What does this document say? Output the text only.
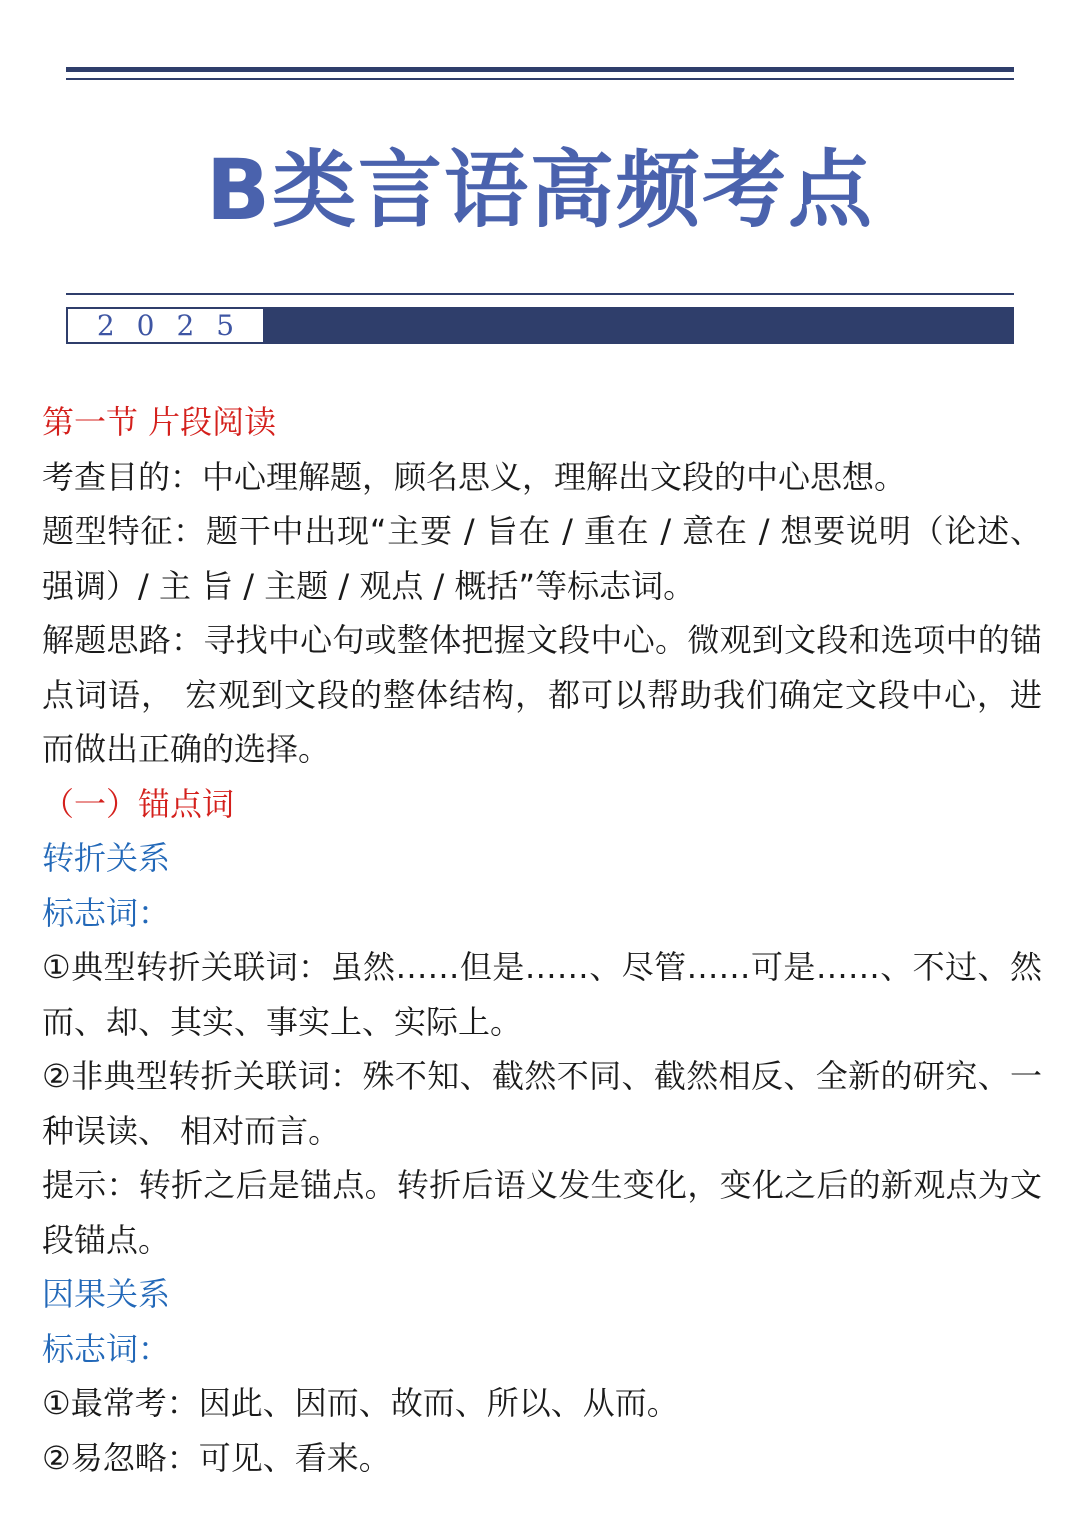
B类言语高频考点
2025

第一节 片段阅读

考查目的：中心理解题，顾名思义，理解出文段的中心思想。

题型特征：题干中出现“主要 / 旨在 / 重在 / 意在 / 想要说明（论述、强调）/ 主 旨 / 主题 / 观点 / 概括”等标志词。

解题思路：寻找中心句或整体把握文段中心。微观到文段和选项中的锚点词语， 宏观到文段的整体结构，都可以帮助我们确定文段中心，进而做出正确的选择。

（一）锚点词

转折关系

标志词：

①典型转折关联词：虽然……但是……、尽管……可是……、不过、然而、却、其实、事实上、实际上。

②非典型转折关联词：殊不知、截然不同、截然相反、全新的研究、一种误读、 相对而言。

提示：转折之后是锚点。转折后语义发生变化，变化之后的新观点为文段锚点。

因果关系

标志词：

①最常考：因此、因而、故而、所以、从而。

②易忽略：可见、看来。
